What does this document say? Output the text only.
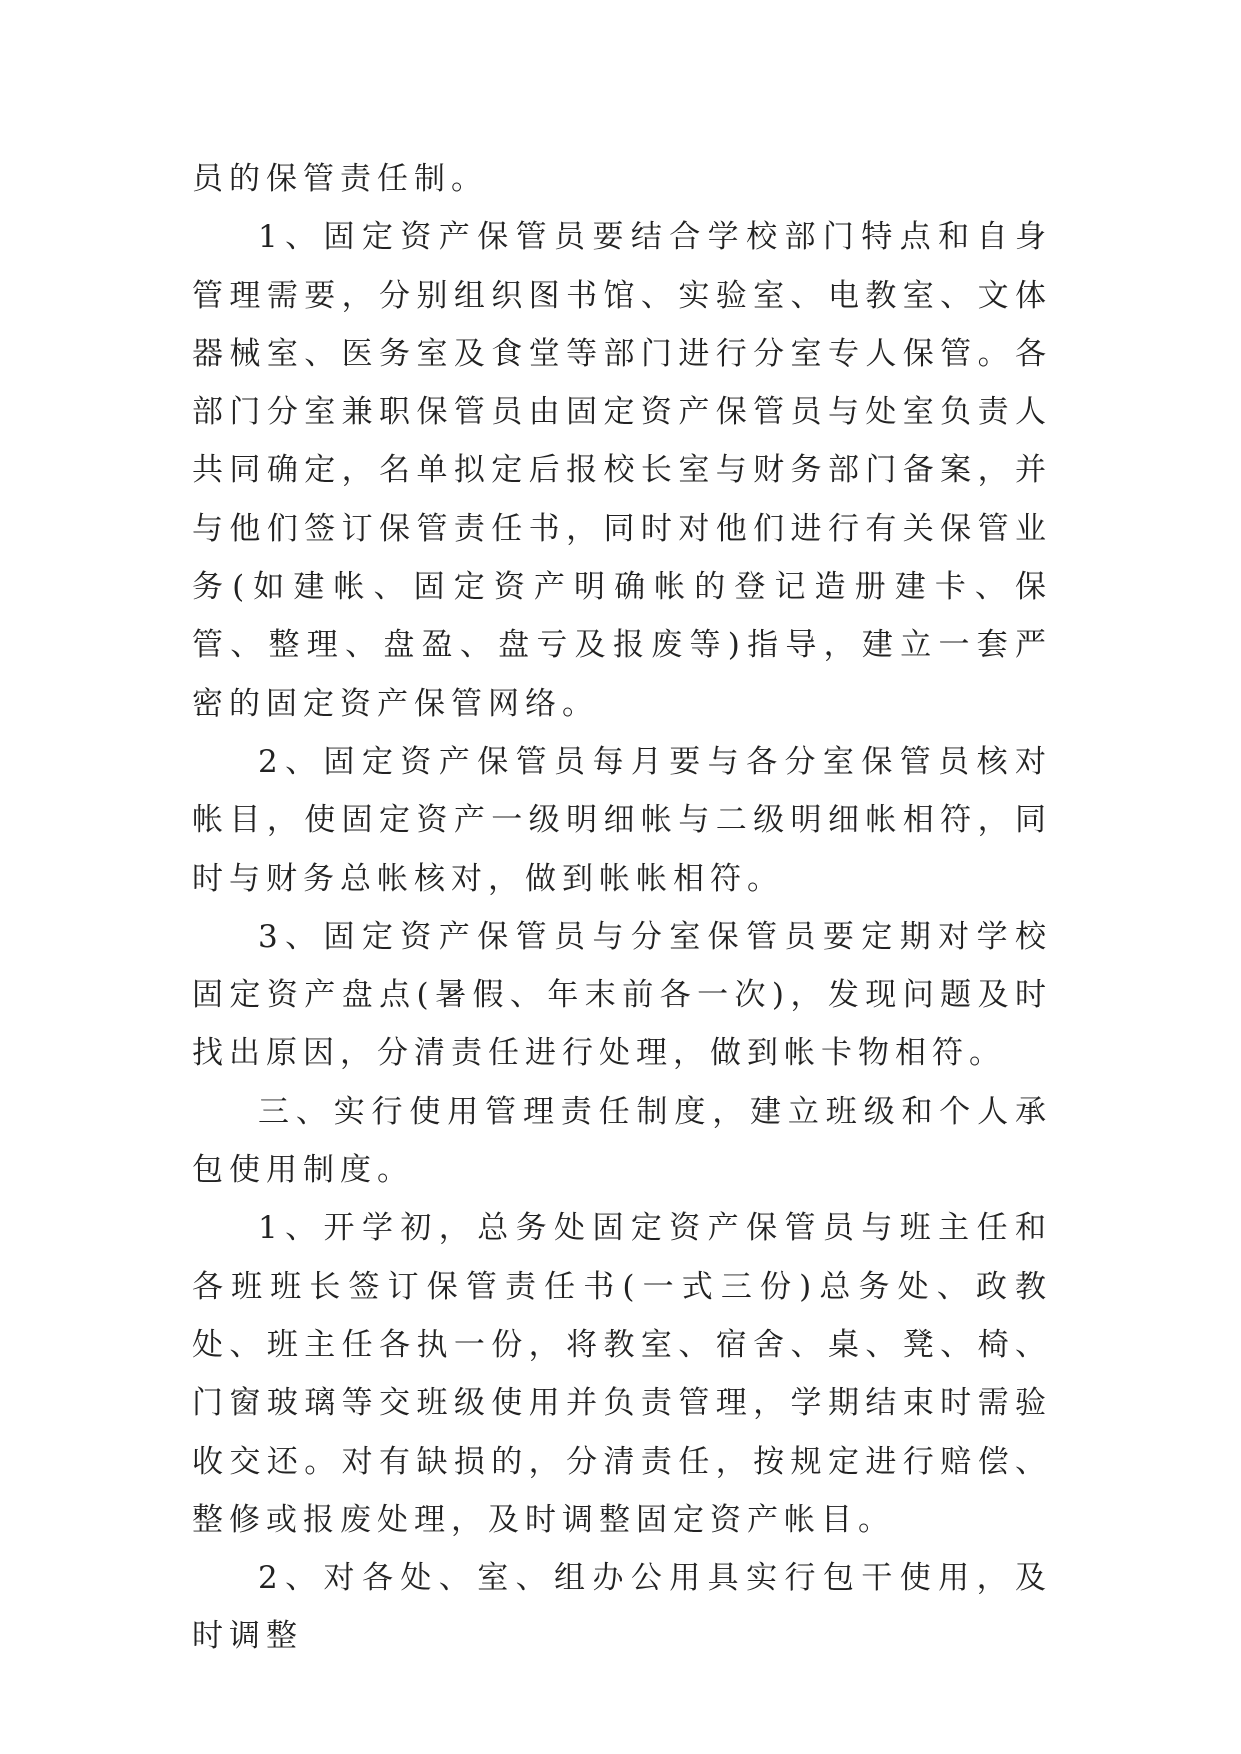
员的保管责任制。

1、固定资产保管员要结合学校部门特点和自身管理需要，分别组织图书馆、实验室、电教室、文体器械室、医务室及食堂等部门进行分室专人保管。各部门分室兼职保管员由固定资产保管员与处室负责人共同确定，名单拟定后报校长室与财务部门备案，并与他们签订保管责任书，同时对他们进行有关保管业务(如建帐、固定资产明确帐的登记造册建卡、保管、整理、盘盈、盘亏及报废等)指导，建立一套严密的固定资产保管网络。

2、固定资产保管员每月要与各分室保管员核对帐目，使固定资产一级明细帐与二级明细帐相符，同时与财务总帐核对，做到帐帐相符。

3、固定资产保管员与分室保管员要定期对学校固定资产盘点(暑假、年末前各一次)，发现问题及时找出原因，分清责任进行处理，做到帐卡物相符。

三、实行使用管理责任制度，建立班级和个人承包使用制度。

1、开学初，总务处固定资产保管员与班主任和各班班长签订保管责任书(一式三份)总务处、政教处、班主任各执一份，将教室、宿舍、桌、凳、椅、门窗玻璃等交班级使用并负责管理，学期结束时需验收交还。对有缺损的，分清责任，按规定进行赔偿、整修或报废处理，及时调整固定资产帐目。

2、对各处、室、组办公用具实行包干使用，及时调整
